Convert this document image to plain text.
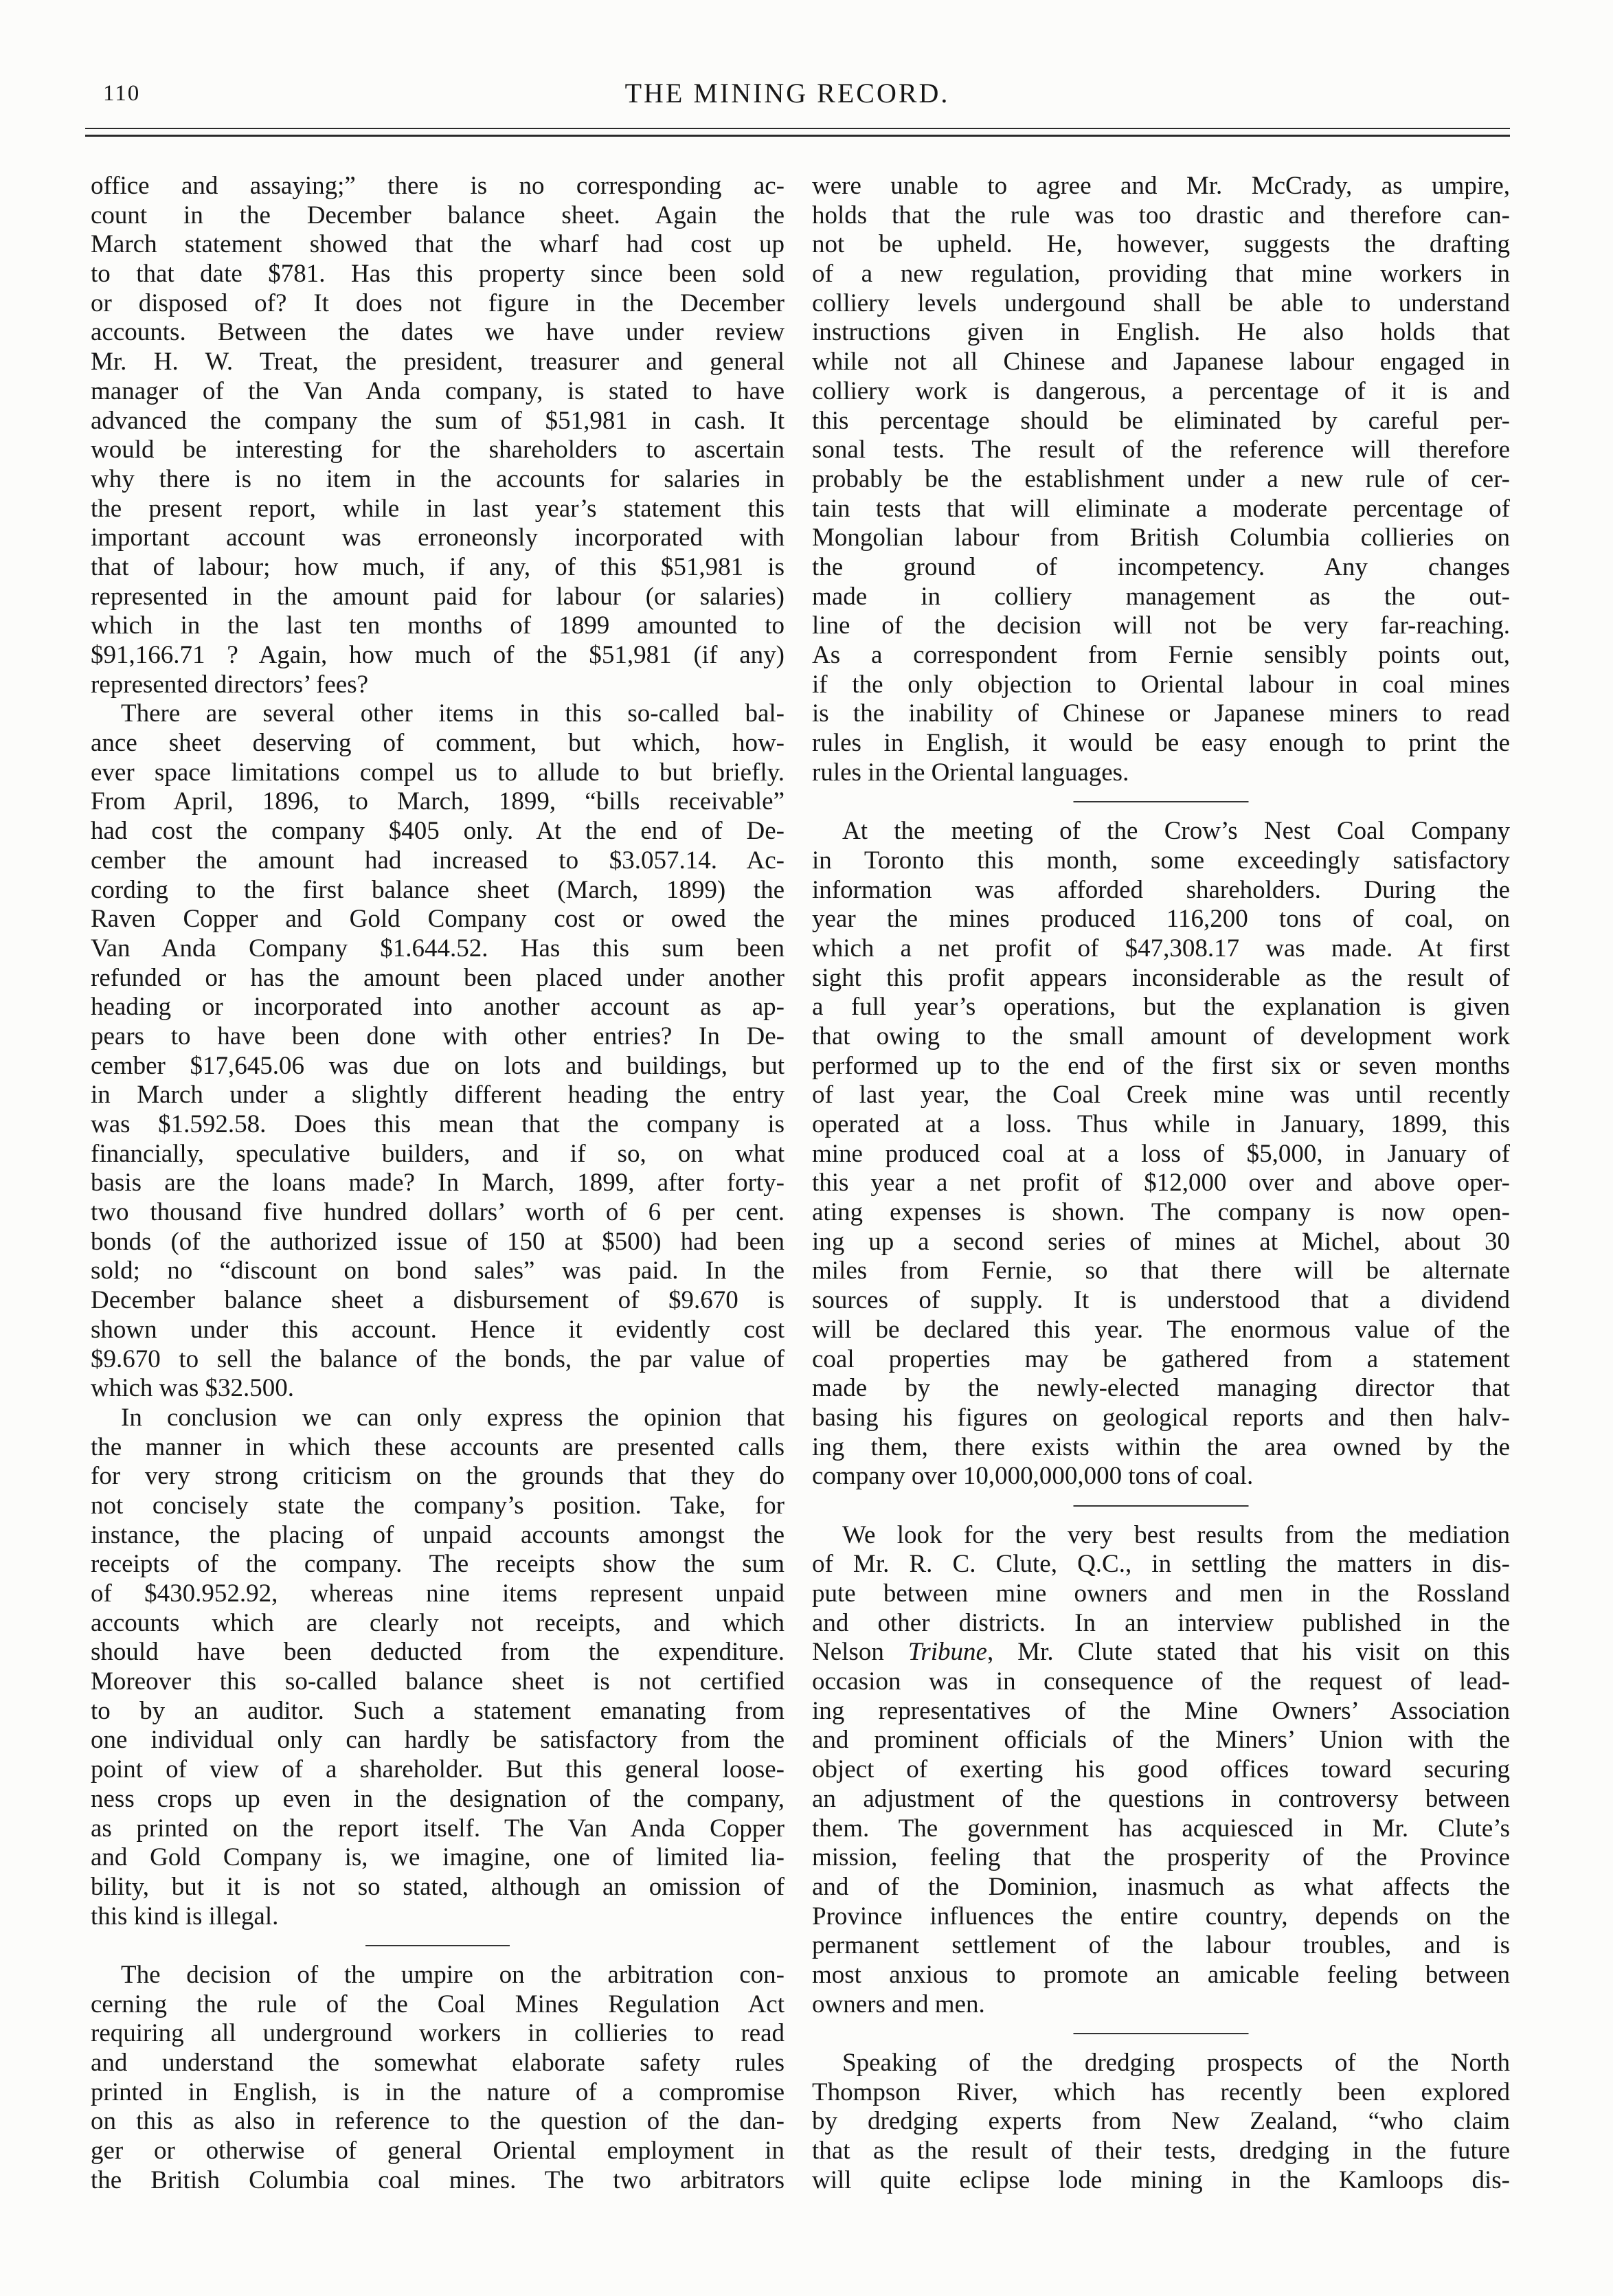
110	THE MINING RECORD.
office and assaying;” there is no corresponding ac-
count in the December balance sheet. Again the
March statement showed that the wharf had cost up
to that date $781. Has this property since been sold
or disposed of? It does not figure in the December
accounts. Between the dates we have under review
Mr. H. W. Treat, the president, treasurer and general
manager of the Van Anda company, is stated to have
advanced the company the sum of $51,981 in cash. It
would be interesting for the shareholders to ascertain
why there is no item in the accounts for salaries in
the present report, while in last year’s statement this
important account was erroneonsly incorporated with
that of labour; how much, if any, of this $51,981 is
represented in the amount paid for labour (or salaries)
which in the last ten months of 1899 amounted to
$91,166.71 ? Again, how much of the $51,981 (if any)
represented directors’ fees?
There are several other items in this so-called bal-
ance sheet deserving of comment, but which, how-
ever space limitations compel us to allude to but briefly.
From April, 1896, to March, 1899, “bills receivable”
had cost the company $405 only. At the end of De-
cember the amount had increased to $3.057.14. Ac-
cording to the first balance sheet (March, 1899) the
Raven Copper and Gold Company cost or owed the
Van Anda Company $1.644.52. Has this sum been
refunded or has the amount been placed under another
heading or incorporated into another account as ap-
pears to have been done with other entries? In De-
cember $17,645.06 was due on lots and buildings, but
in March under a slightly different heading the entry
was $1.592.58. Does this mean that the company is
financially, speculative builders, and if so, on what
basis are the loans made? In March, 1899, after forty-
two thousand five hundred dollars’ worth of 6 per cent.
bonds (of the authorized issue of 150 at $500) had been
sold; no “discount on bond sales” was paid. In the
December balance sheet a disbursement of $9.670 is
shown under this account. Hence it evidently cost
$9.670 to sell the balance of the bonds, the par value of
which was $32.500.
In conclusion we can only express the opinion that
the manner in which these accounts are presented calls
for very strong criticism on the grounds that they do
not concisely state the company’s position. Take, for
instance, the placing of unpaid accounts amongst the
receipts of the company. The receipts show the sum
of $430.952.92, whereas nine items represent unpaid
accounts which are clearly not receipts, and which
should have been deducted from the expenditure.
Moreover this so-called balance sheet is not certified
to by an auditor. Such a statement emanating from
one individual only can hardly be satisfactory from the
point of view of a shareholder. But this general loose-
ness crops up even in the designation of the company,
as printed on the report itself. The Van Anda Copper
and Gold Company is, we imagine, one of limited lia-
bility, but it is not so stated, although an omission of
this kind is illegal.
The decision of the umpire on the arbitration con-
cerning the rule of the Coal Mines Regulation Act
requiring all underground workers in collieries to read
and understand the somewhat elaborate safety rules
printed in English, is in the nature of a compromise
on this as also in reference to the question of the dan-
ger or otherwise of general Oriental employment in
the British Columbia coal mines. The two arbitrators
were unable to agree and Mr. McCrady, as umpire,
holds that the rule was too drastic and therefore can-
not be upheld. He, however, suggests the drafting
of a new regulation, providing that mine workers in
colliery levels undergound shall be able to understand
instructions given in English. He also holds that
while not all Chinese and Japanese labour engaged in
colliery work is dangerous, a percentage of it is and
this percentage should be eliminated by careful per-
sonal tests. The result of the reference will therefore
probably be the establishment under a new rule of cer-
tain tests that will eliminate a moderate percentage of
Mongolian labour from British Columbia collieries on
the ground of incompetency. Any changes
made in colliery management as the out-
line of the decision will not be very far-reaching.
As a correspondent from Fernie sensibly points out,
if the only objection to Oriental labour in coal mines
is the inability of Chinese or Japanese miners to read
rules in English, it would be easy enough to print the
rules in the Oriental languages.
At the meeting of the Crow’s Nest Coal Company
in Toronto this month, some exceedingly satisfactory
information was afforded shareholders. During the
year the mines produced 116,200 tons of coal, on
which a net profit of $47,308.17 was made. At first
sight this profit appears inconsiderable as the result of
a full year’s operations, but the explanation is given
that owing to the small amount of development work
performed up to the end of the first six or seven months
of last year, the Coal Creek mine was until recently
operated at a loss. Thus while in January, 1899, this
mine produced coal at a loss of $5,000, in January of
this year a net profit of $12,000 over and above oper-
ating expenses is shown. The company is now open-
ing up a second series of mines at Michel, about 30
miles from Fernie, so that there will be alternate
sources of supply. It is understood that a dividend
will be declared this year. The enormous value of the
coal properties may be gathered from a statement
made by the newly-elected managing director that
basing his figures on geological reports and then halv-
ing them, there exists within the area owned by the
company over 10,000,000,000 tons of coal.
We look for the very best results from the mediation
of Mr. R. C. Clute, Q.C., in settling the matters in dis-
pute between mine owners and men in the Rossland
and other districts. In an interview published in the
Nelson Tribune, Mr. Clute stated that his visit on this
occasion was in consequence of the request of lead-
ing representatives of the Mine Owners’ Association
and prominent officials of the Miners’ Union with the
object of exerting his good offices toward securing
an adjustment of the questions in controversy between
them. The government has acquiesced in Mr. Clute’s
mission, feeling that the prosperity of the Province
and of the Dominion, inasmuch as what affects the
Province influences the entire country, depends on the
permanent settlement of the labour troubles, and is
most anxious to promote an amicable feeling between
owners and men.
Speaking of the dredging prospects of the North
Thompson River, which has recently been explored
by dredging experts from New Zealand, “who claim
that as the result of their tests, dredging in the future
will quite eclipse lode mining in the Kamloops dis-
